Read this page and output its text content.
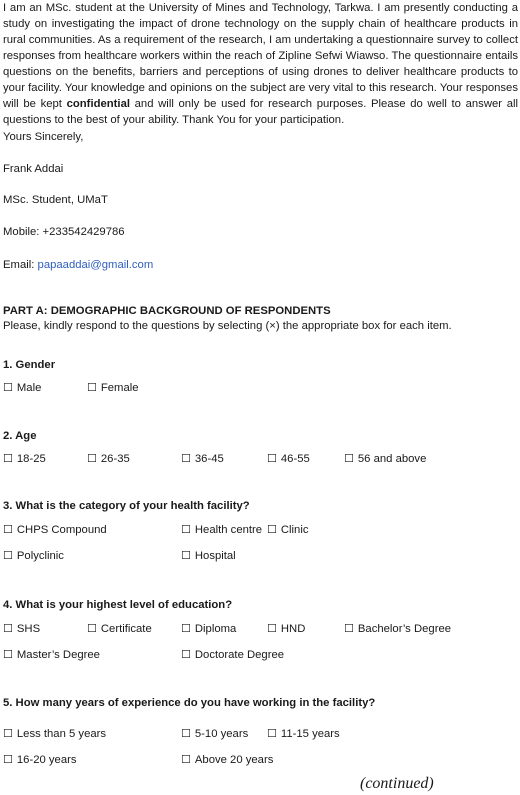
I am an MSc. student at the University of Mines and Technology, Tarkwa. I am presently conducting a study on investigating the impact of drone technology on the supply chain of healthcare products in rural communities. As a requirement of the research, I am undertaking a questionnaire survey to collect responses from healthcare workers within the reach of Zipline Sefwi Wiawso. The questionnaire entails questions on the benefits, barriers and perceptions of using drones to deliver healthcare products to your facility. Your knowledge and opinions on the subject are very vital to this research. Your responses will be kept confidential and will only be used for research purposes. Please do well to answer all questions to the best of your ability. Thank You for your participation.

Yours Sincerely,
Frank Addai
MSc. Student, UMaT
Mobile: +233542429786
Email: papaaddai@gmail.com
PART A: DEMOGRAPHIC BACKGROUND OF RESPONDENTS
Please, kindly respond to the questions by selecting (×) the appropriate box for each item.
1. Gender
☐ Male	☐ Female
2. Age
☐ 18-25	☐ 26-35	☐ 36-45	☐ 46-55	☐ 56 and above
3. What is the category of your health facility?
☐ CHPS Compound	☐ Health centre ☐ Clinic
☐ Polyclinic	☐ Hospital
4. What is your highest level of education?
☐ SHS	☐ Certificate	☐ Diploma	☐ HND	☐ Bachelor’s Degree
☐ Master’s Degree	☐ Doctorate Degree
5. How many years of experience do you have working in the facility?
☐ Less than 5 years	☐ 5-10 years ☐ 11-15 years
☐ 16-20 years	☐ Above 20 years
(continued)
